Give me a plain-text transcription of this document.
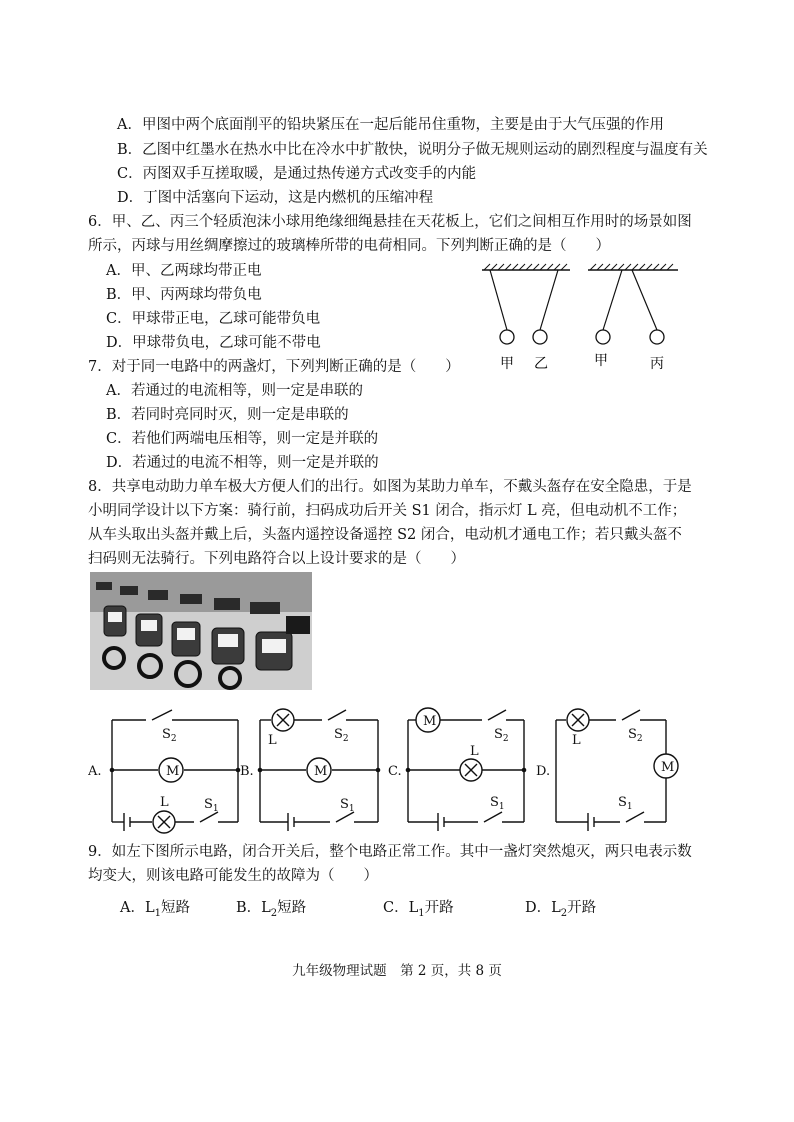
A．甲图中两个底面削平的铅块紧压在一起后能吊住重物，主要是由于大气压强的作用
B．乙图中红墨水在热水中比在冷水中扩散快，说明分子做无规则运动的剧烈程度与温度有关
C．丙图双手互搓取暖，是通过热传递方式改变手的内能
D．丁图中活塞向下运动，这是内燃机的压缩冲程
6．甲、乙、丙三个轻质泡沫小球用绝缘细绳悬挂在天花板上，它们之间相互作用时的场景如图
所示，丙球与用丝绸摩擦过的玻璃棒所带的电荷相同。下列判断正确的是（　　）
A．甲、乙两球均带正电
B．甲、丙两球均带负电
C．甲球带正电，乙球可能带负电
D．甲球带负电，乙球可能不带电
甲 乙	甲	丙
7．对于同一电路中的两盏灯，下列判断正确的是（　　）
A．若通过的电流相等，则一定是串联的
B．若同时亮同时灭，则一定是串联的
C．若他们两端电压相等，则一定是并联的
D．若通过的电流不相等，则一定是并联的
8．共享电动助力单车极大方便人们的出行。如图为某助力单车，不戴头盔存在安全隐患，于是
小明同学设计以下方案：骑行前，扫码成功后开关 S1 闭合，指示灯 L 亮，但电动机不工作；
从车头取出头盔并戴上后，头盔内遥控设备遥控 S2 闭合，电动机才通电工作；若只戴头盔不
扫码则无法骑行。下列电路符合以上设计要求的是（　　）
A.	B.	C.	D.
M	M
M
M
L
L
L
L
$S_2$	$S_2$	$S_2$	$S_2$
$S_1$	$S_1$	$S_1$	$S_1$
9．如左下图所示电路，闭合开关后，整个电路正常工作。其中一盏灯突然熄灭，两只电表示数
均变大，则该电路可能发生的故障为（　　）
A．$L_1$短路	B．$L_2$短路	C．$L_1$开路	D．$L_2$开路
九年级物理试题　第 2 页，共 8 页
